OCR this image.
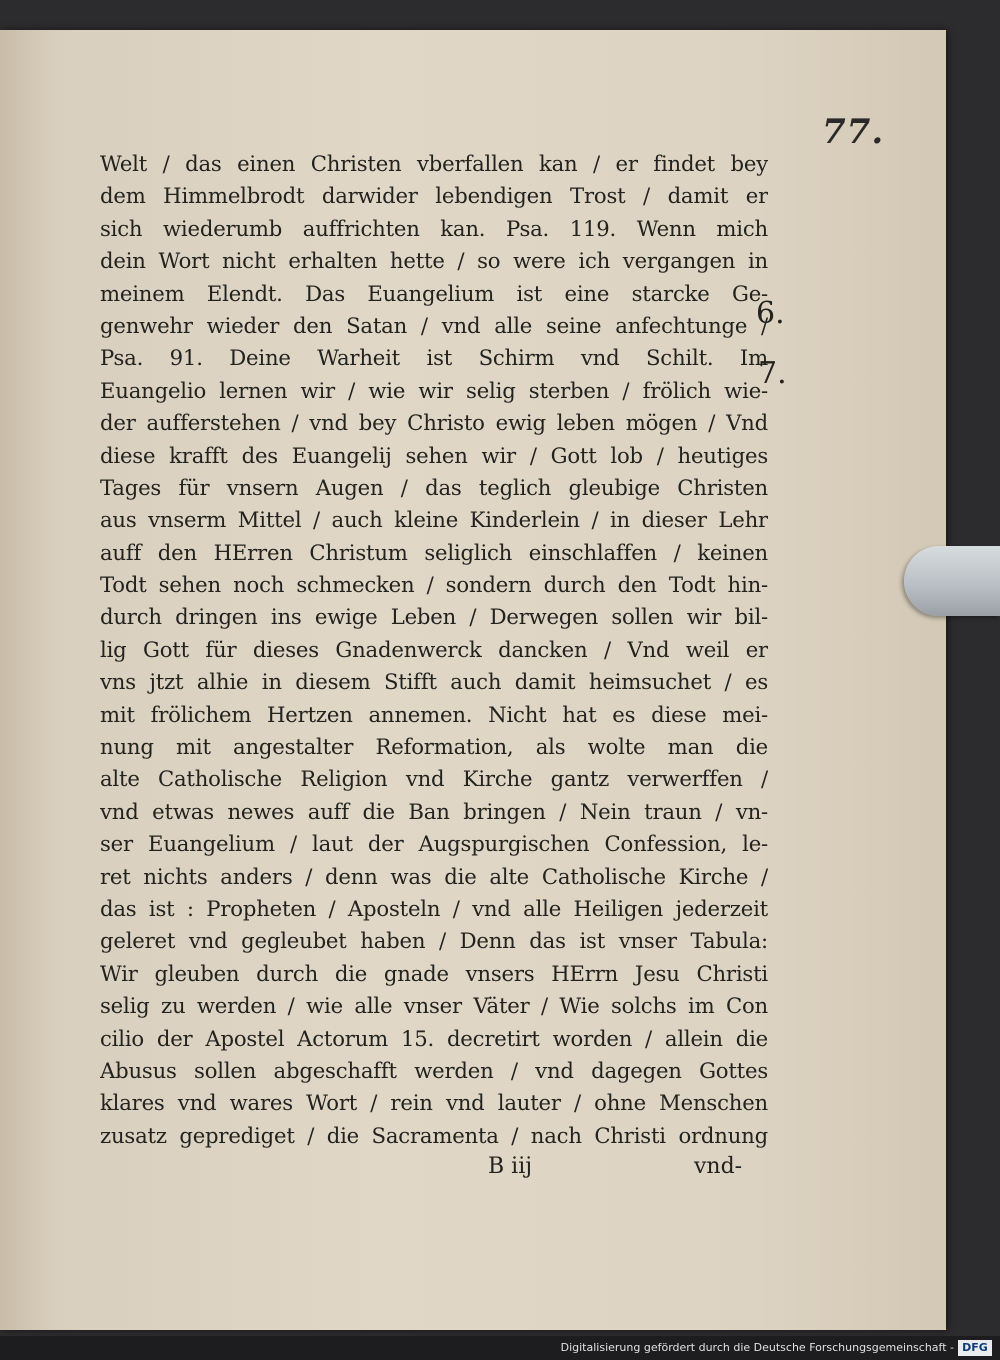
77.
Welt / das einen Christen vberfallen kan / er findet bey
dem Himmelbrodt darwider lebendigen Trost / damit er
sich wiederumb auffrichten kan. Psa. 119. Wenn mich
dein Wort nicht erhalten hette / so were ich vergangen in
meinem Elendt. Das Euangelium ist eine starcke Ge-
genwehr wieder den Satan / vnd alle seine anfechtunge /
Psa. 91. Deine Warheit ist Schirm vnd Schilt. Im
Euangelio lernen wir / wie wir selig sterben / frölich wie-
der aufferstehen / vnd bey Christo ewig leben mögen / Vnd
diese krafft des Euangelij sehen wir / Gott lob / heutiges
Tages für vnsern Augen / das teglich gleubige Christen
aus vnserm Mittel / auch kleine Kinderlein / in dieser Lehr
auff den HErren Christum seliglich einschlaffen / keinen
Todt sehen noch schmecken / sondern durch den Todt hin-
durch dringen ins ewige Leben / Derwegen sollen wir bil-
lig Gott für dieses Gnadenwerck dancken / Vnd weil er
vns jtzt alhie in diesem Stifft auch damit heimsuchet / es
mit frölichem Hertzen annemen. Nicht hat es diese mei-
nung mit angestalter Reformation, als wolte man die
alte Catholische Religion vnd Kirche gantz verwerffen /
vnd etwas newes auff die Ban bringen / Nein traun / vn-
ser Euangelium / laut der Augspurgischen Confession, le-
ret nichts anders / denn was die alte Catholische Kirche /
das ist : Propheten / Aposteln / vnd alle Heiligen jederzeit
geleret vnd gegleubet haben / Denn das ist vnser Tabula:
Wir gleuben durch die gnade vnsers HErrn Jesu Christi
selig zu werden / wie alle vnser Väter / Wie solchs im Con
cilio der Apostel Actorum 15. decretirt worden / allein die
Abusus sollen abgeschafft werden / vnd dagegen Gottes
klares vnd wares Wort / rein vnd lauter / ohne Menschen
zusatz geprediget / die Sacramenta / nach Christi ordnung
6.
7.
B iij	vnd-
Digitalisierung gefördert durch die Deutsche Forschungsgemeinschaft - DFG
